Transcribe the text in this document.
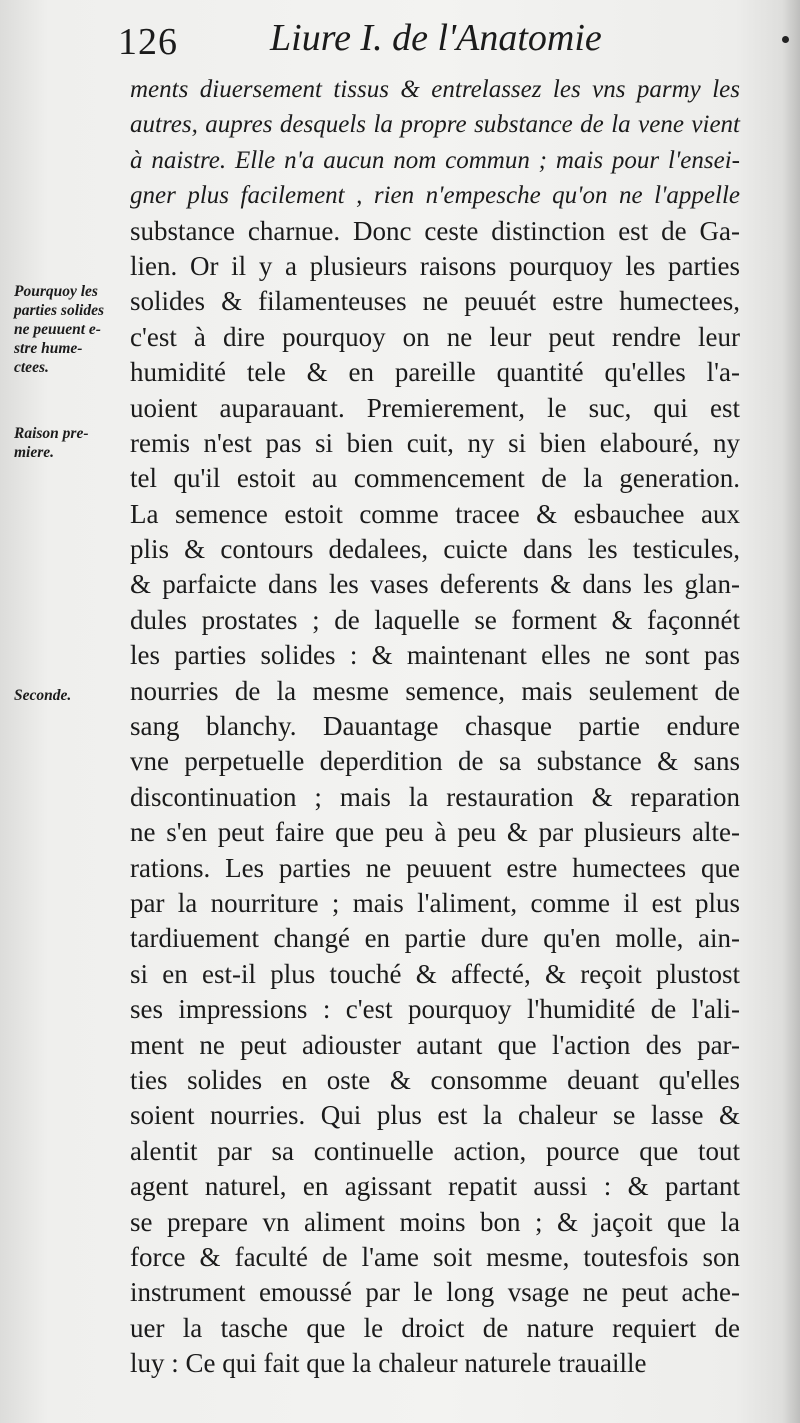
126 Liure I. de l'Anatomie
Pourquoy les
parties solides
ne peuuent e-
stre hume-
ctees.
Raison pre-
miere.
Seconde.
ments diuersement tissus & entrelassez les vns parmy les
autres, aupres desquels la propre substance de la vene vient
à naistre. Elle n'a aucun nom commun ; mais pour l'ensei-
gner plus facilement , rien n'empesche qu'on ne l'appelle
substance charnue. Donc ceste distinction est de Ga-
lien. Or il y a plusieurs raisons pourquoy les parties
solides & filamenteuses ne peuuét estre humectees,
c'est à dire pourquoy on ne leur peut rendre leur
humidité tele & en pareille quantité qu'elles l'a-
uoient auparauant. Premierement, le suc, qui est
remis n'est pas si bien cuit, ny si bien elabouré, ny
tel qu'il estoit au commencement de la generation.
La semence estoit comme tracee & esbauchee aux
plis & contours dedalees, cuicte dans les testicules,
& parfaicte dans les vases deferents & dans les glan-
dules prostates ; de laquelle se forment & façonnét
les parties solides : & maintenant elles ne sont pas
nourries de la mesme semence, mais seulement de
sang blanchy. Dauantage chasque partie endure
vne perpetuelle deperdition de sa substance & sans
discontinuation ; mais la restauration & reparation
ne s'en peut faire que peu à peu & par plusieurs alte-
rations. Les parties ne peuuent estre humectees que
par la nourriture ; mais l'aliment, comme il est plus
tardiuement changé en partie dure qu'en molle, ain-
si en est-il plus touché & affecté, & reçoit plustost
ses impressions : c'est pourquoy l'humidité de l'ali-
ment ne peut adiouster autant que l'action des par-
ties solides en oste & consomme deuant qu'elles
soient nourries. Qui plus est la chaleur se lasse &
alentit par sa continuelle action, pource que tout
agent naturel, en agissant repatit aussi : & partant
se prepare vn aliment moins bon ; & jaçoit que la
force & faculté de l'ame soit mesme, toutesfois son
instrument emoussé par le long vsage ne peut ache-
uer la tasche que le droict de nature requiert de
luy : Ce qui fait que la chaleur naturele trauaille
